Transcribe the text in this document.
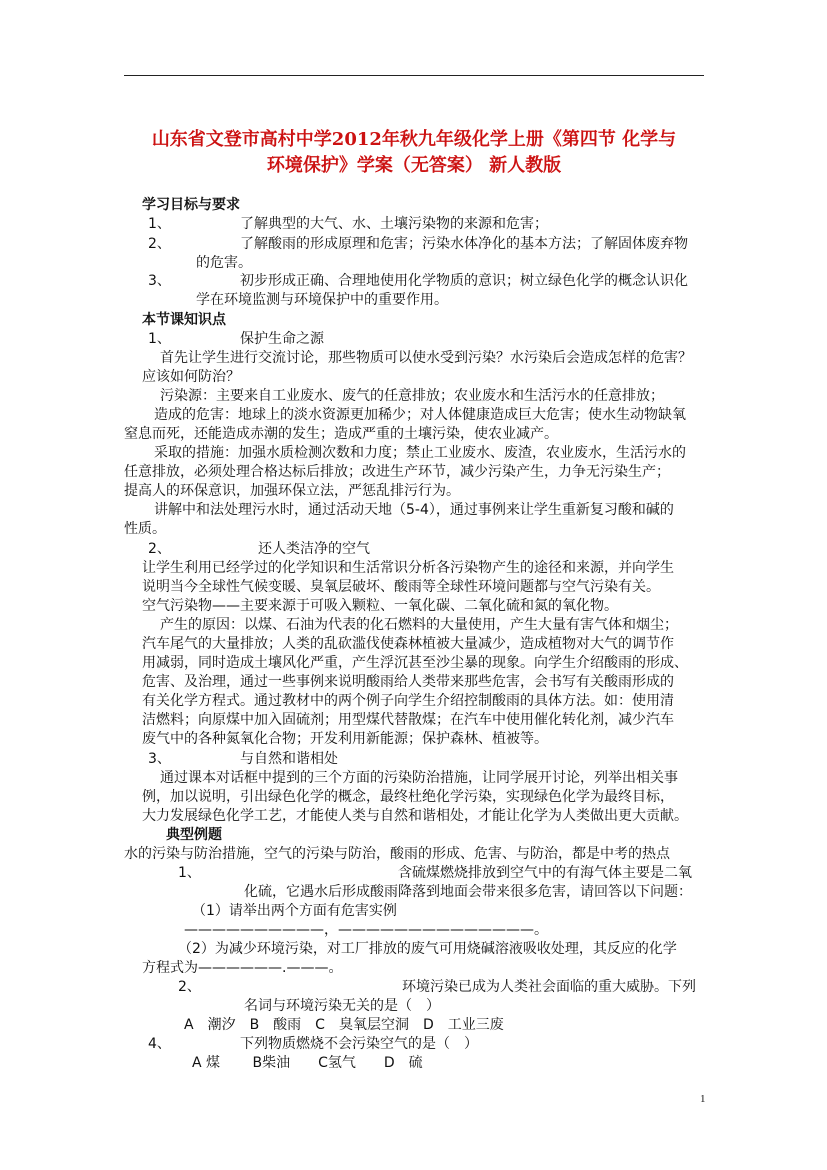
山东省文登市高村中学2012年秋九年级化学上册《第四节 化学与
环境保护》学案（无答案） 新人教版
学习目标与要求
1、	了解典型的大气、水、土壤污染物的来源和危害；
2、	了解酸雨的形成原理和危害；污染水体净化的基本方法；了解固体废弃物
的危害。
3、	初步形成正确、合理地使用化学物质的意识；树立绿色化学的概念认识化
学在环境监测与环境保护中的重要作用。
本节课知识点
1、	保护生命之源
首先让学生进行交流讨论，那些物质可以使水受到污染？水污染后会造成怎样的危害？
应该如何防治？
污染源：主要来自工业废水、废气的任意排放；农业废水和生活污水的任意排放；
造成的危害：地球上的淡水资源更加稀少；对人体健康造成巨大危害；使水生动物缺氧
窒息而死，还能造成赤潮的发生；造成严重的土壤污染，使农业减产。
采取的措施：加强水质检测次数和力度；禁止工业废水、废渣，农业废水，生活污水的
任意排放，必须处理合格达标后排放；改进生产环节，减少污染产生，力争无污染生产；
提高人的环保意识，加强环保立法，严惩乱排污行为。
讲解中和法处理污水时，通过活动天地（5-4），通过事例来让学生重新复习酸和碱的
性质。
2、	还人类洁净的空气
让学生利用已经学过的化学知识和生活常识分析各污染物产生的途径和来源，并向学生
说明当今全球性气候变暖、臭氧层破坏、酸雨等全球性环境问题都与空气污染有关。
空气污染物——主要来源于可吸入颗粒、一氧化碳、二氧化硫和氮的氧化物。
产生的原因：以煤、石油为代表的化石燃料的大量使用，产生大量有害气体和烟尘；
汽车尾气的大量排放；人类的乱砍滥伐使森林植被大量减少，造成植物对大气的调节作
用减弱，同时造成土壤风化严重，产生浮沉甚至沙尘暴的现象。向学生介绍酸雨的形成、
危害、及治理，通过一些事例来说明酸雨给人类带来那些危害，会书写有关酸雨形成的
有关化学方程式。通过教材中的两个例子向学生介绍控制酸雨的具体方法。如：使用清
洁燃料；向原煤中加入固硫剂；用型煤代替散煤；在汽车中使用催化转化剂，减少汽车
废气中的各种氮氧化合物；开发利用新能源；保护森林、植被等。
3、	与自然和谐相处
通过课本对话框中提到的三个方面的污染防治措施，让同学展开讨论，列举出相关事
例，加以说明，引出绿色化学的概念，最终杜绝化学污染，实现绿色化学为最终目标，
大力发展绿色化学工艺，才能使人类与自然和谐相处，才能让化学为人类做出更大贡献。
典型例题
水的污染与防治措施，空气的污染与防治，酸雨的形成、危害、与防治，都是中考的热点
1、	含硫煤燃烧排放到空气中的有海气体主要是二氧
化硫，它遇水后形成酸雨降落到地面会带来很多危害，请回答以下问题：
（1）请举出两个方面有危害实例
——————————，——————————————。
（2）为减少环境污染，对工厂排放的废气可用烧碱溶液吸收处理，其反应的化学
方程式为——————.———。
2、	环境污染已成为人类社会面临的重大威胁。下列
名词与环境污染无关的是（　）
A　潮汐　B　酸雨　C　臭氧层空洞　D　工业三废
4、	下列物质燃烧不会污染空气的是（　）
A 煤　　 B柴油　　C氢气　　D　硫
1
